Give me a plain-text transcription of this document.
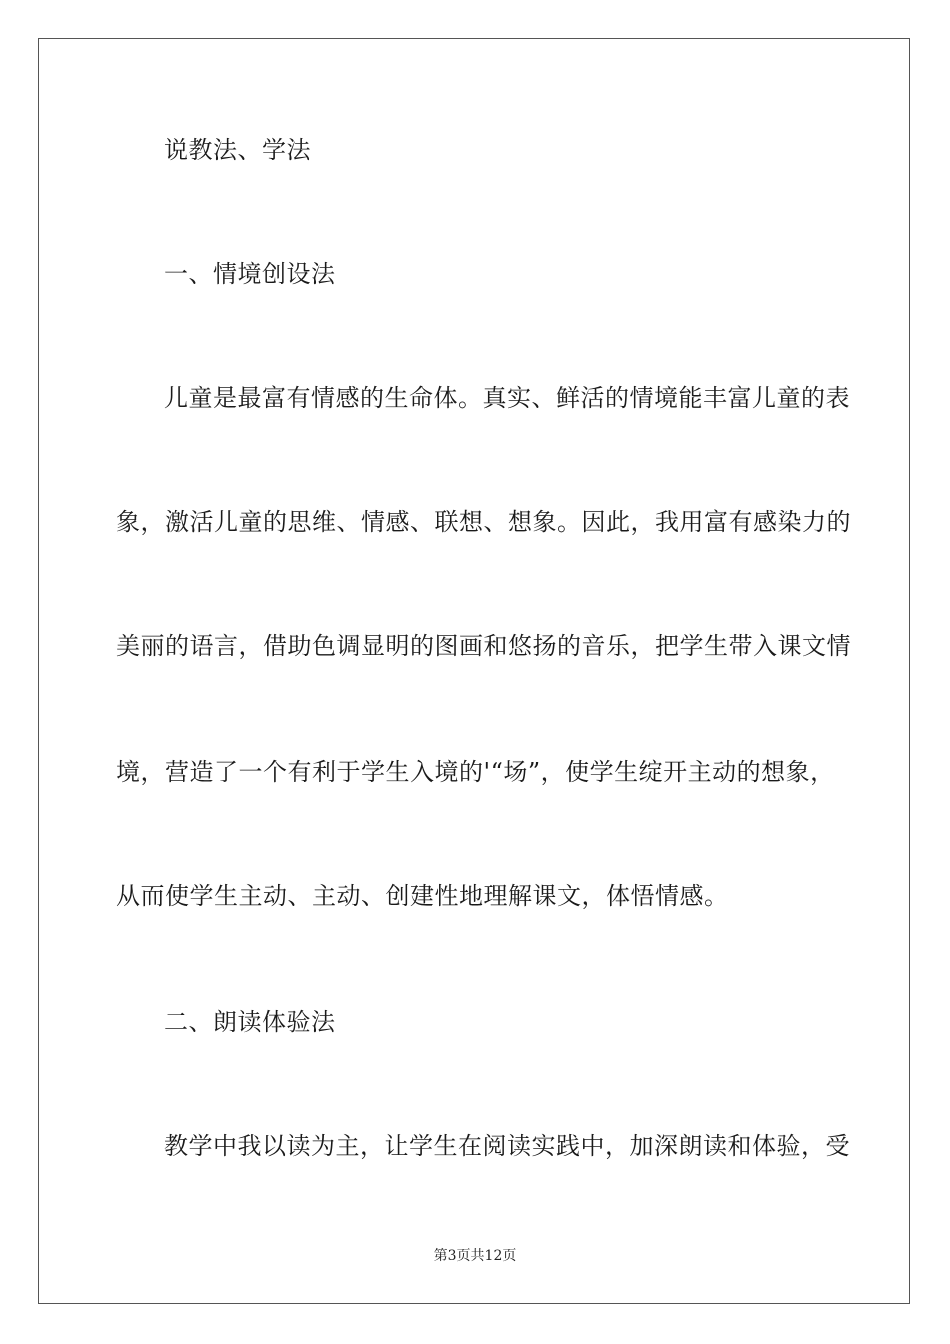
说教法、学法
一、情境创设法
儿童是最富有情感的生命体。真实、鲜活的情境能丰富儿童的表
象，激活儿童的思维、情感、联想、想象。因此，我用富有感染力的
美丽的语言，借助色调显明的图画和悠扬的音乐，把学生带入课文情
境，营造了一个有利于学生入境的'“场”，使学生绽开主动的想象，
从而使学生主动、主动、创建性地理解课文，体悟情感。
二、朗读体验法
教学中我以读为主，让学生在阅读实践中，加深朗读和体验，受
第3页共12页
